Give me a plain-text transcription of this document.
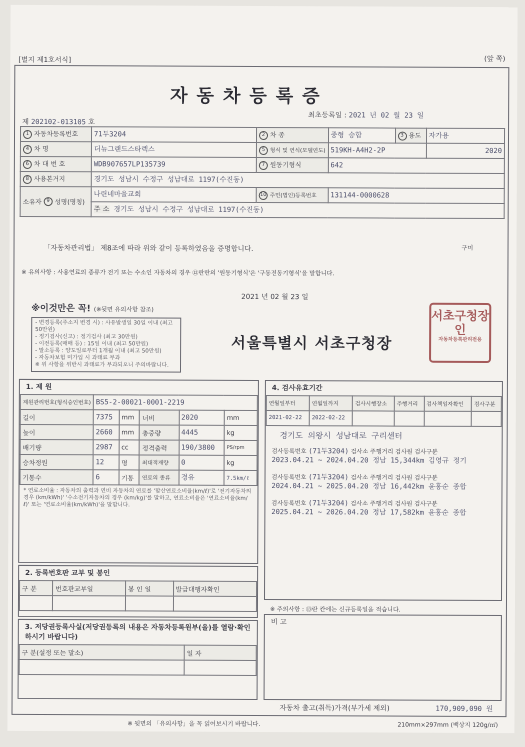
[별지 제1호서식]	(앞 쪽)
자동차등록증
제 202102-013105 호
최초등록일 : 2021 년 02 월 23 일
1 자동차등록번호	71두3204	2 차 종	중형 승합	3 용도	자가용
4 차 명	더뉴그랜드스타렉스	5 형식 및 연식(모델연도)	519KH-A4H2-2P		2020
6 차 대 번 호	WDB907657LP135739	7 원동기형식	642		
8 사용본거지	경기도 성남시 수정구 성남대로 1197(수진동)				
소유자 9 성명(명칭)	나린네마을교회	10 주민(법인)등록번호	131144-0000628		
	주 소 경기도 성남시 수정구 성남대로 1197(수진동)				
「자동차관리법」 제8조에 따라 위와 같이 등록하였음을 증명합니다.	구미
※ 유의사항 : 사용연료의 종류가 전기 또는 수소인 자동차의 경우 ⑫란란의 '원동기형식'은 '구동전동기형식'을 말합니다.
2021 년 02 월 23 일
※이것만은 꼭! (※뒷면 유의사항 참조)
- 변경등록(주소지 변경 시) : 사유발생일 30일 이내 (최고 50만원)
- 정기검사(신고) : 정기검사 (최고 30만원)
- 이전등록(매매 등) : 15일 이내 (최고 50만원)
- 말소등록 : 양도일로부터 1개월 이내 (최고 50만원)
- 자동차보험 미가입 시 과태료 부과
※ 위 사항을 위반시 과태료가 부과되오니 주의바랍니다.
서울특별시 서초구청장
서초구청장인
자동차등록관리전용
1. 제 원
제원관리번호(형식승인번호)	BS5-2-00021-0001-2219				
길이	7375	mm	너비	2020	mm
높이	2660	mm	총중량	4445	kg
배기량	2987	cc	정격출력	190/3800	PS/rpm
승차정원	12	명	최대적재량	0	kg
기통수	6	기통	연료의 종류	경유	7.5km/ℓ
* 연료소비율 : 자동차의 출력과 연비 자동차의 연료를 '합산연료소비율(km/ℓ)'로 '전기자동차의 경우 (km/kWh)' '수소전기자동차의 경우 (km/kg)'를 말하고, 연료소비율은 '연료소비율(km/ℓ)' 또는 '연료소비율(km/kWh)'을 말합니다.
2. 등록번호판 교부 및 봉인
구 분	번호판교부일	봉 인 일	발급대행자확인

3. 저당권등록사실(저당권등록의 내용은 자동차등록원부(을)를 열람·확인하시기 바랍니다)
구 분(설정 또는 말소)	일 자

4. 검사유효기간
연월일부터	연월일까지	검사시행장소	주행거리	검사책임자확인	검사구분
2021-02-22	2022-02-22				
경기도 의왕시 성남대로 구리센터
검사등록번호 (71두3204) 검사소 주행거리 검사원 검사구분
2023.04.21 ~ 2024.04.20 정남 15,344km 김영규 정기
검사등록번호 (71두3204) 검사소 주행거리 검사원 검사구분
2024.04.21 ~ 2025.04.20 정남 16,442km 윤홍순 종합
검사등록번호 (71두3204) 검사소 주행거리 검사원 검사구분
2025.04.21 ~ 2026.04.20 정남 17,582km 윤홍순 종합
※ 주의사항 : ⑬란 칸에는 신규등록일을 적습니다.
비 고
자동차 출고(취득)가격(부가세 제외)	170,909,090 원
※ 뒷면의 「유의사항」을 꼭 읽어보시기 바랍니다.	210mm×297mm (백상지 120g/㎡)
